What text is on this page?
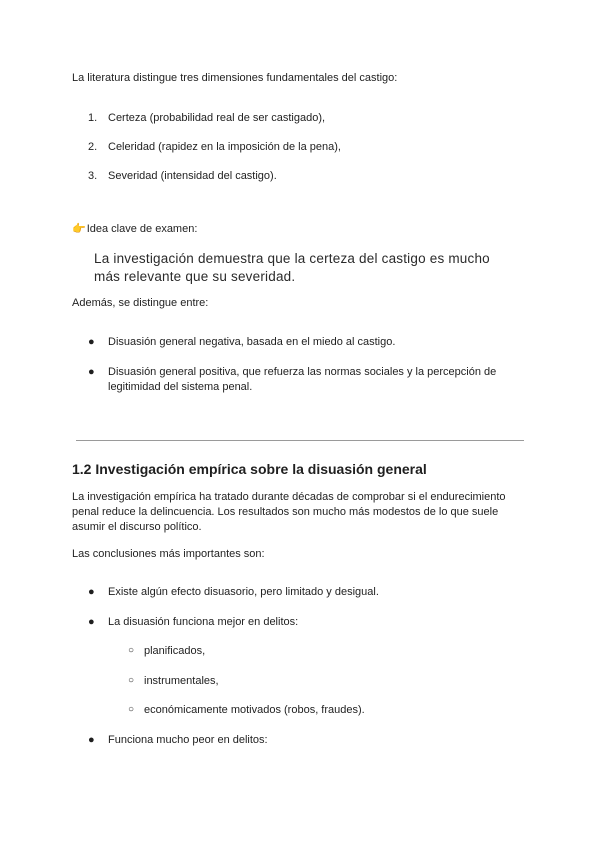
La literatura distingue tres dimensiones fundamentales del castigo:

1. Certeza (probabilidad real de ser castigado),
2. Celeridad (rapidez en la imposición de la pena),
3. Severidad (intensidad del castigo).
👉Idea clave de examen:
La investigación demuestra que la certeza del castigo es mucho más relevante que su severidad.

Además, se distingue entre:

● Disuasión general negativa, basada en el miedo al castigo.
● Disuasión general positiva, que refuerza las normas sociales y la percepción de legitimidad del sistema penal.
1.2 Investigación empírica sobre la disuasión general

La investigación empírica ha tratado durante décadas de comprobar si el endurecimiento penal reduce la delincuencia. Los resultados son mucho más modestos de lo que suele asumir el discurso político.

Las conclusiones más importantes son:

● Existe algún efecto disuasorio, pero limitado y desigual.
● La disuasión funciona mejor en delitos:
○ planificados,
○ instrumentales,
○ económicamente motivados (robos, fraudes).
● Funciona mucho peor en delitos:
